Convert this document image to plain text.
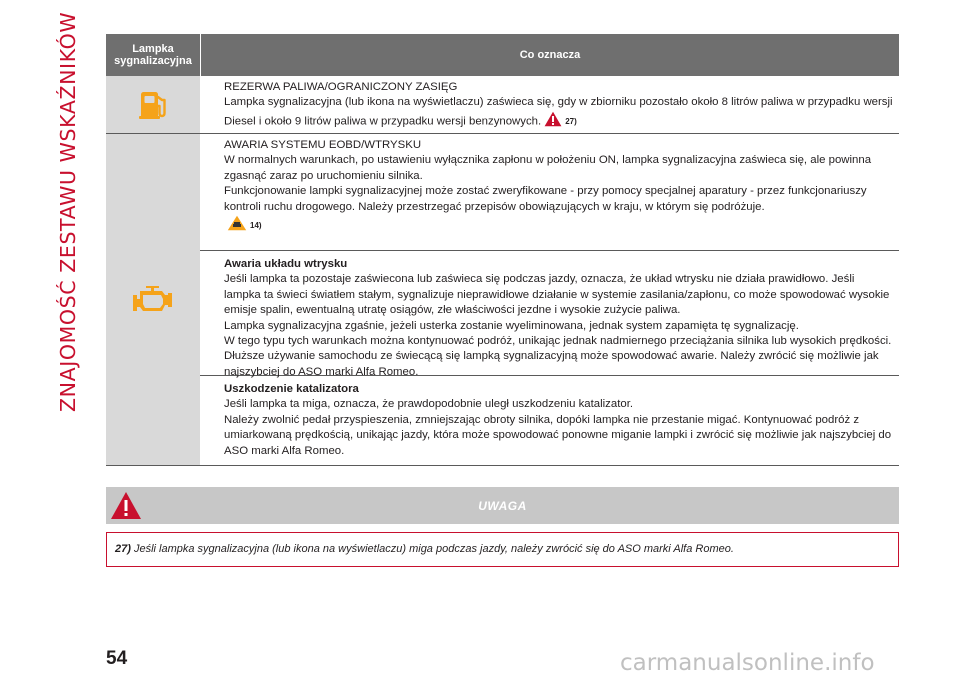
ZNAJOMOŚĆ ZESTAWU WSKAŹNIKÓW	Lampka sygnalizacyjna	Co oznacza
REZERWA PALIWA/OGRANICZONY ZASIĘG
Lampka sygnalizacyjna (lub ikona na wyświetlaczu) zaświeca się, gdy w zbiorniku pozostało około 8 litrów paliwa w przypadku wersji Diesel i około 9 litrów paliwa w przypadku wersji benzynowych.	27)
AWARIA SYSTEMU EOBD/WTRYSKU
W normalnych warunkach, po ustawieniu wyłącznika zapłonu w położeniu ON, lampka sygnalizacyjna zaświeca się, ale powinna zgasnąć zaraz po uruchomieniu silnika.
Funkcjonowanie lampki sygnalizacyjnej może zostać zweryfikowane - przy pomocy specjalnej aparatury - przez funkcjonariuszy kontroli ruchu drogowego. Należy przestrzegać przepisów obowiązujących w kraju, w którym się podróżuje.
14)
Awaria układu wtrysku
Jeśli lampka ta pozostaje zaświecona lub zaświeca się podczas jazdy, oznacza, że układ wtrysku nie działa prawidłowo. Jeśli lampka ta świeci światłem stałym, sygnalizuje nieprawidłowe działanie w systemie zasilania/zapłonu, co może spowodować wysokie emisje spalin, ewentualną utratę osiągów, złe właściwości jezdne i wysokie zużycie paliwa.
Lampka sygnalizacyjna zgaśnie, jeżeli usterka zostanie wyeliminowana, jednak system zapamięta tę sygnalizację.
W tego typu tych warunkach można kontynuować podróż, unikając jednak nadmiernego przeciążania silnika lub wysokich prędkości. Dłuższe używanie samochodu ze świecącą się lampką sygnalizacyjną może spowodować awarie. Należy zwrócić się możliwie jak najszybciej do ASO marki Alfa Romeo.
Uszkodzenie katalizatora
Jeśli lampka ta miga, oznacza, że prawdopodobnie uległ uszkodzeniu katalizator.
Należy zwolnić pedał przyspieszenia, zmniejszając obroty silnika, dopóki lampka nie przestanie migać. Kontynuować podróż z umiarkowaną prędkością, unikając jazdy, która może spowodować ponowne miganie lampki i zwrócić się możliwie jak najszybciej do ASO marki Alfa Romeo.
UWAGA
27) Jeśli lampka sygnalizacyjna (lub ikona na wyświetlaczu) miga podczas jazdy, należy zwrócić się do ASO marki Alfa Romeo.
54	carmanualsonline.info
